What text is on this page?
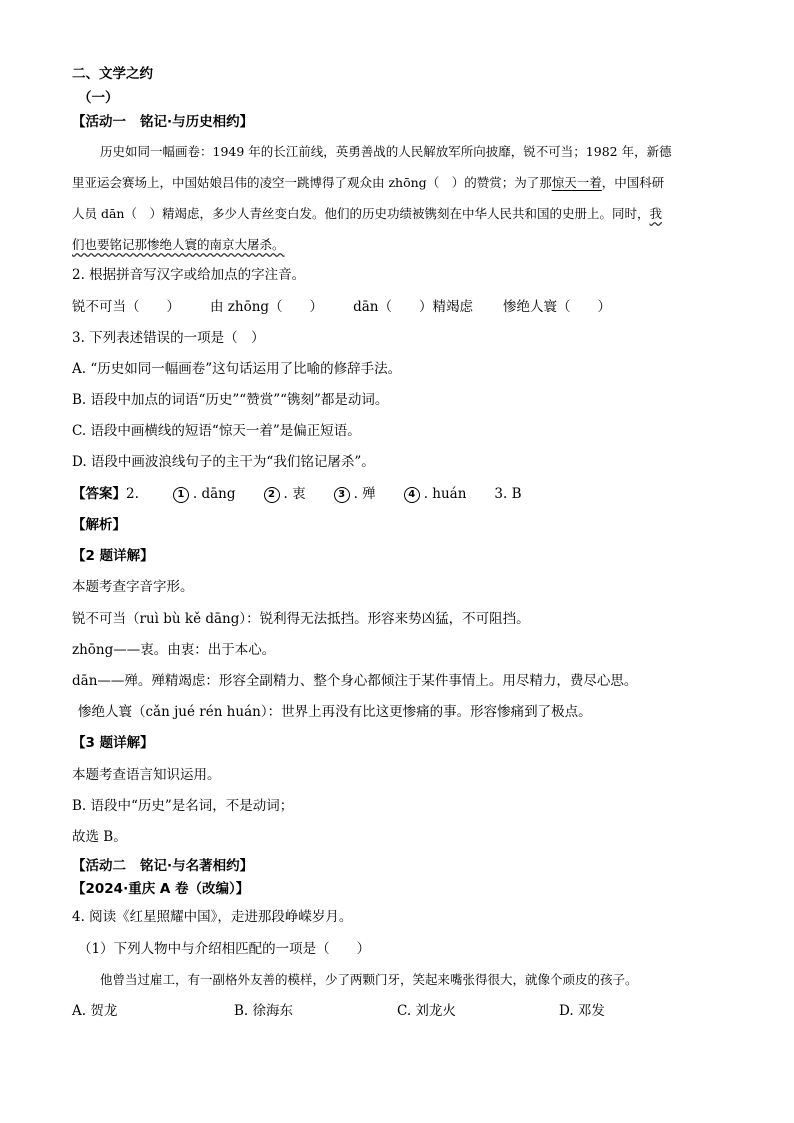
二、文学之约
（一）
【活动一 铭记·与历史相约】
历史如同一幅画卷：1949 年的长江前线，英勇善战的人民解放军所向披靡，锐不可当；1982 年，新德
里亚运会赛场上，中国姑娘吕伟的凌空一跳博得了观众由 zhōng（　）的赞赏；为了那惊天一着，中国科研
人员 dān（　）精竭虑，多少人青丝变白发。他们的历史功绩被镌刻在中华人民共和国的史册上。同时，我
们也要铭记那惨绝人寰的南京大屠杀。
2. 根据拼音写汉字或给加点的字注音。
锐不可当（　　） 由 zhōng（　　） dān（　　）精竭虑 惨绝人寰（　　）
3. 下列表述错误的一项是（　）
A. “历史如同一幅画卷”这句话运用了比喻的修辞手法。
B. 语段中加点的词语“历史”“赞赏”“镌刻”都是动词。
C. 语段中画横线的短语“惊天一着”是偏正短语。
D. 语段中画波浪线句子的主干为“我们铭记屠杀”。
【答案】2.	1 . dāng	2 . 衷	3 . 殚	4 . huán 3. B
【解析】
【2 题详解】
本题考查字音字形。
锐不可当（ruì bù kě dāng）：锐利得无法抵挡。形容来势凶猛，不可阻挡。
zhōng——衷。由衷：出于本心。
dān——殚。殚精竭虑：形容全副精力、整个身心都倾注于某件事情上。用尽精力，费尽心思。
惨绝人寰（cǎn jué rén huán）：世界上再没有比这更惨痛的事。形容惨痛到了极点。
【3 题详解】
本题考查语言知识运用。
B. 语段中“历史”是名词，不是动词；
故选 B。
【活动二 铭记·与名著相约】
【2024·重庆 A 卷（改编）】
4. 阅读《红星照耀中国》，走进那段峥嵘岁月。
（1）下列人物中与介绍相匹配的一项是（　　）
他曾当过雇工，有一副格外友善的模样，少了两颗门牙，笑起来嘴张得很大，就像个顽皮的孩子。
A. 贺龙	B. 徐海东	C. 刘龙火	D. 邓发
